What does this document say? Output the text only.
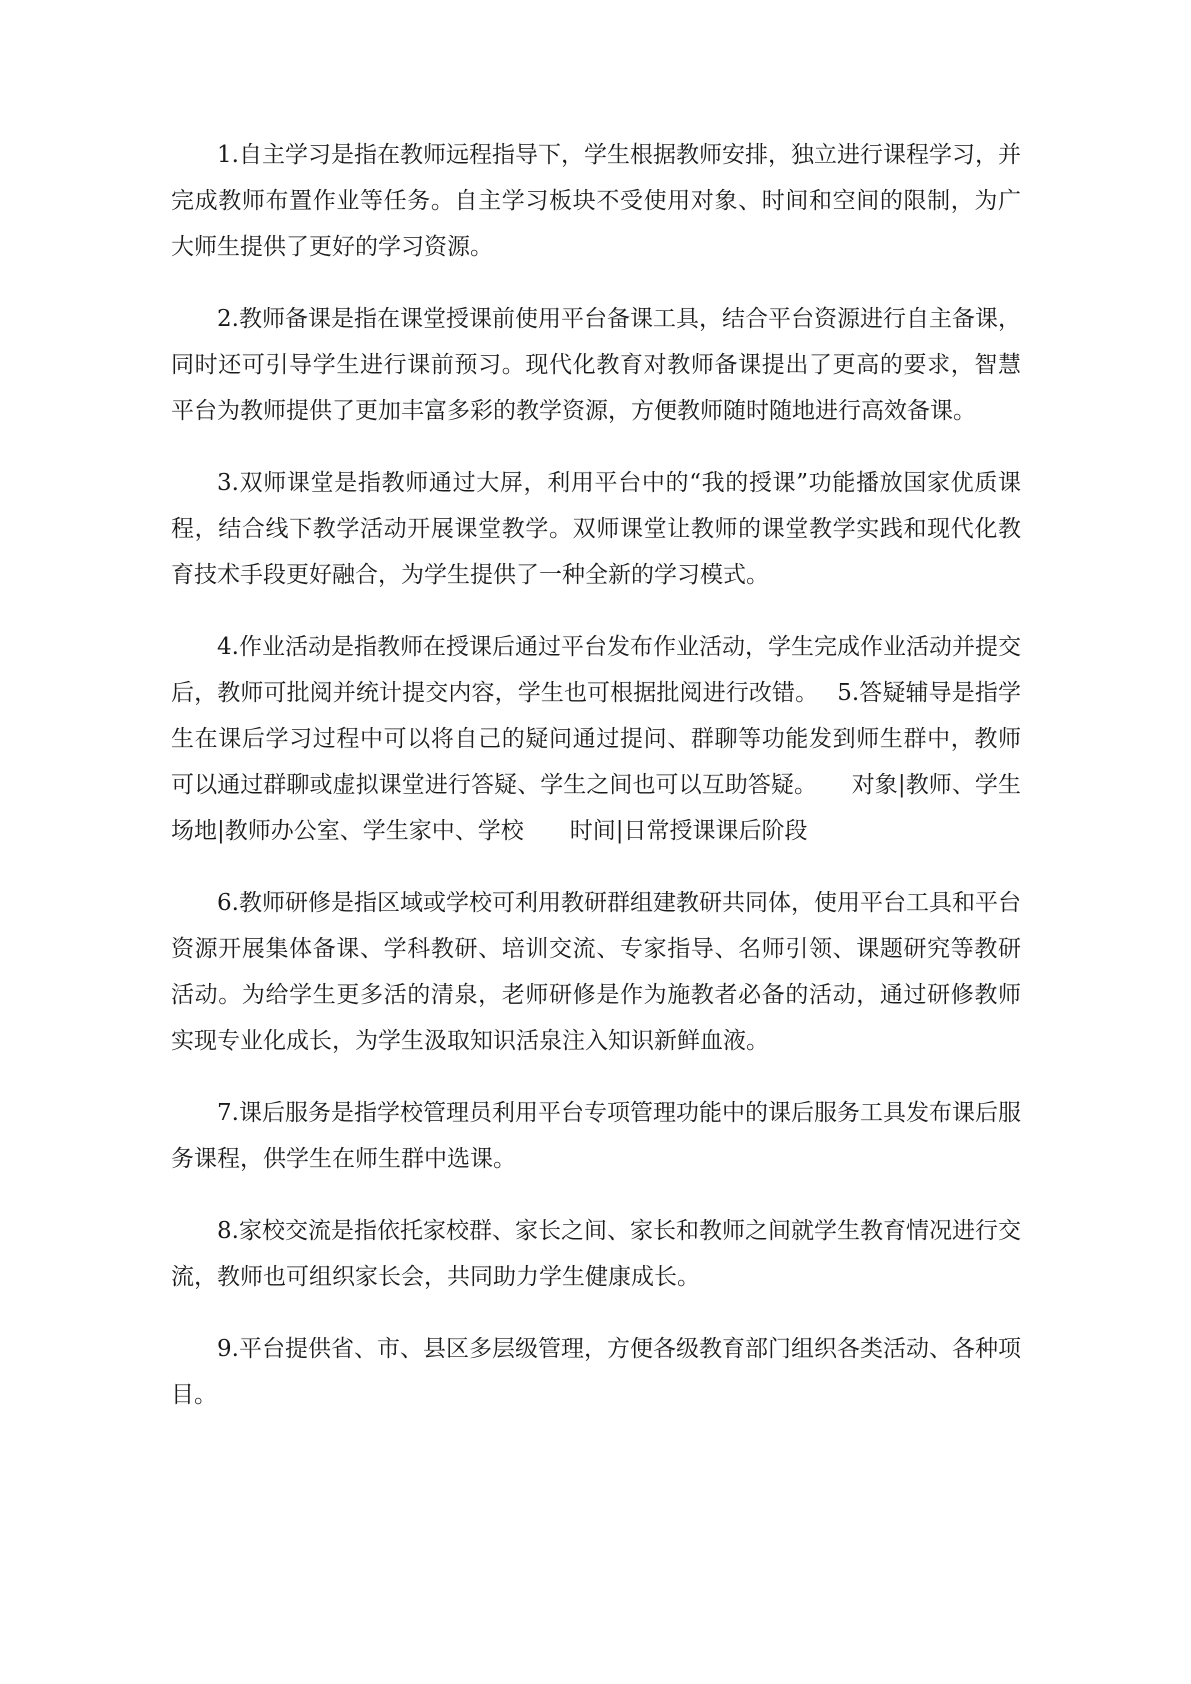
1.自主学习是指在教师远程指导下，学生根据教师安排，独立进行课程学习，并完成教师布置作业等任务。自主学习板块不受使用对象、时间和空间的限制，为广大师生提供了更好的学习资源。

2.教师备课是指在课堂授课前使用平台备课工具，结合平台资源进行自主备课，同时还可引导学生进行课前预习。现代化教育对教师备课提出了更高的要求，智慧平台为教师提供了更加丰富多彩的教学资源，方便教师随时随地进行高效备课。

3.双师课堂是指教师通过大屏，利用平台中的“我的授课”功能播放国家优质课程，结合线下教学活动开展课堂教学。双师课堂让教师的课堂教学实践和现代化教育技术手段更好融合，为学生提供了一种全新的学习模式。

4.作业活动是指教师在授课后通过平台发布作业活动，学生完成作业活动并提交后，教师可批阅并统计提交内容，学生也可根据批阅进行改错。　 5.答疑辅导是指学生在课后学习过程中可以将自己的疑问通过提问、群聊等功能发到师生群中，教师可以通过群聊或虚拟课堂进行答疑、学生之间也可以互助答疑。　　对象|教师、学生　　场地|教师办公室、学生家中、学校　　时间|日常授课课后阶段

6.教师研修是指区域或学校可利用教研群组建教研共同体，使用平台工具和平台资源开展集体备课、学科教研、培训交流、专家指导、名师引领、课题研究等教研活动。为给学生更多活的清泉，老师研修是作为施教者必备的活动，通过研修教师实现专业化成长，为学生汲取知识活泉注入知识新鲜血液。

7.课后服务是指学校管理员利用平台专项管理功能中的课后服务工具发布课后服务课程，供学生在师生群中选课。

8.家校交流是指依托家校群、家长之间、家长和教师之间就学生教育情况进行交流，教师也可组织家长会，共同助力学生健康成长。

9.平台提供省、市、县区多层级管理，方便各级教育部门组织各类活动、各种项目。
